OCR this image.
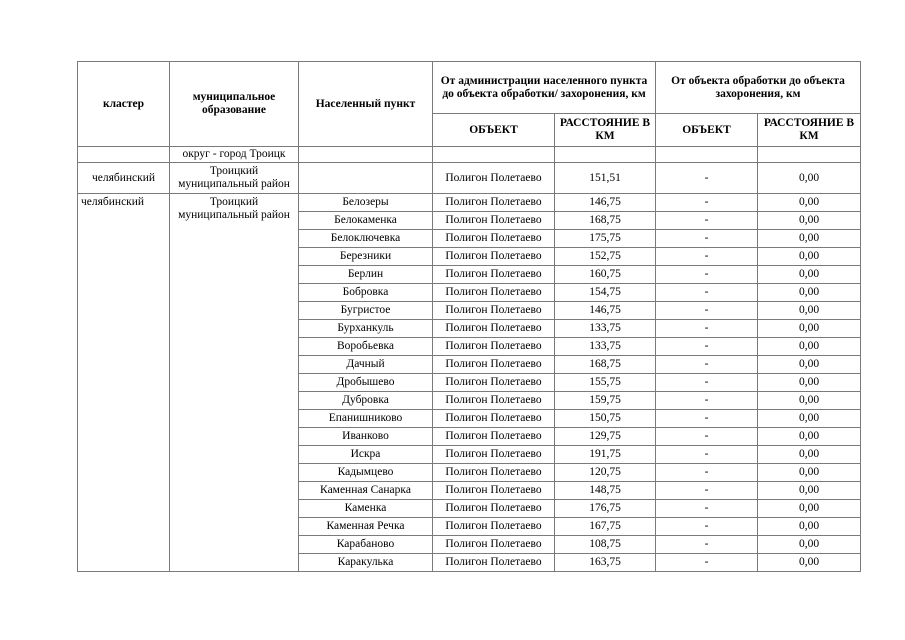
кластер	муниципальное образование	Населенный пункт	От администрации населенного пункта до объекта обработки/ захоронения, км		От объекта обработки до объекта захоронения, км	
			ОБЪЕКТ	РАССТОЯНИЕ В КМ	ОБЪЕКТ	РАССТОЯНИЕ В КМ
	округ - город Троицк					
челябинский	Троицкий муниципальный район		Полигон Полетаево	151,51	-	0,00
челябинский	Троицкий муниципальный район	Белозеры	Полигон Полетаево	146,75	-	0,00
		Белокаменка	Полигон Полетаево	168,75	-	0,00
		Белоключевка	Полигон Полетаево	175,75	-	0,00
		Березники	Полигон Полетаево	152,75	-	0,00
		Берлин	Полигон Полетаево	160,75	-	0,00
		Бобровка	Полигон Полетаево	154,75	-	0,00
		Бугристое	Полигон Полетаево	146,75	-	0,00
		Бурханкуль	Полигон Полетаево	133,75	-	0,00
		Воробьевка	Полигон Полетаево	133,75	-	0,00
		Дачный	Полигон Полетаево	168,75	-	0,00
		Дробышево	Полигон Полетаево	155,75	-	0,00
		Дубровка	Полигон Полетаево	159,75	-	0,00
		Епанишниково	Полигон Полетаево	150,75	-	0,00
		Иванково	Полигон Полетаево	129,75	-	0,00
		Искра	Полигон Полетаево	191,75	-	0,00
		Кадымцево	Полигон Полетаево	120,75	-	0,00
		Каменная Санарка	Полигон Полетаево	148,75	-	0,00
		Каменка	Полигон Полетаево	176,75	-	0,00
		Каменная Речка	Полигон Полетаево	167,75	-	0,00
		Карабаново	Полигон Полетаево	108,75	-	0,00
		Каракулька	Полигон Полетаево	163,75	-	0,00
